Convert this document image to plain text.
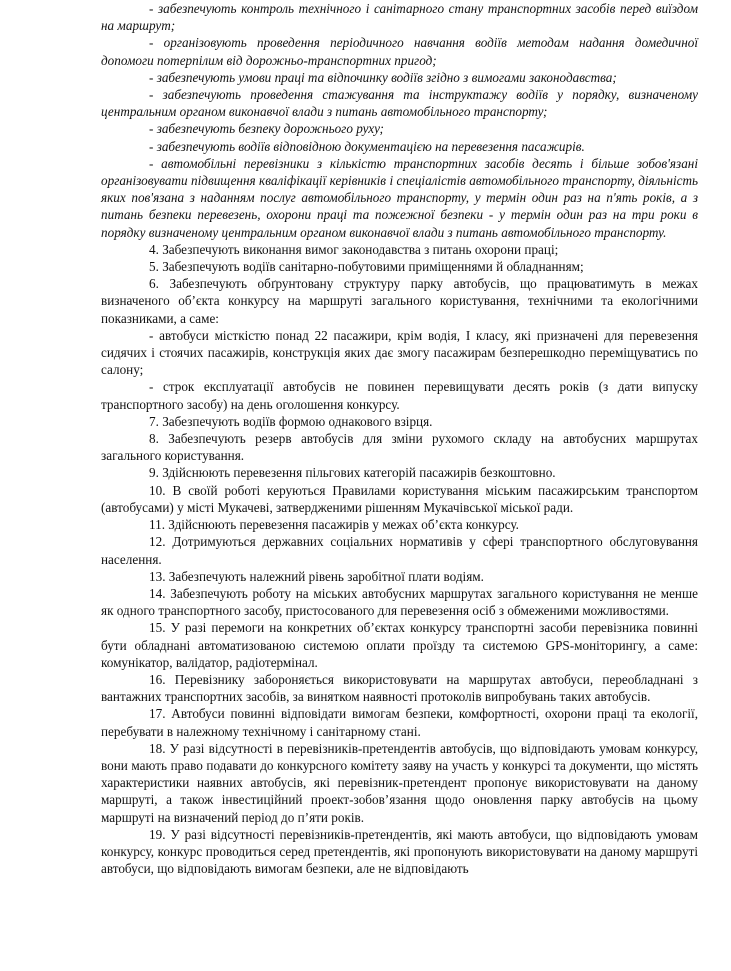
- забезпечують контроль технічного і санітарного стану транспортних засобів перед виїздом на маршрут;

- організовують проведення періодичного навчання водіїв методам надання домедичної допомоги потерпілим від дорожньо-транспортних пригод;

- забезпечують умови праці та відпочинку водіїв згідно з вимогами законодавства;

- забезпечують проведення стажування та інструктажу водіїв у порядку, визначеному центральним органом виконавчої влади з питань автомобільного транспорту;

- забезпечують безпеку дорожнього руху;

- забезпечують водіїв відповідною документацією на перевезення пасажирів.

- автомобільні перевізники з кількістю транспортних засобів десять і більше зобов'язані організовувати підвищення кваліфікації керівників і спеціалістів автомобільного транспорту, діяльність яких пов'язана з наданням послуг автомобільного транспорту, у термін один раз на п'ять років, а з питань безпеки перевезень, охорони праці та пожежної безпеки - у термін один раз на три роки в порядку визначеному центральним органом виконавчої влади з питань автомобільного транспорту.

4. Забезпечують виконання вимог законодавства з питань охорони праці;

5. Забезпечують водіїв санітарно-побутовими приміщеннями й обладнанням;

6. Забезпечують обґрунтовану структуру парку автобусів, що працюватимуть в межах визначеного об’єкта конкурсу на маршруті загального користування, технічними та екологічними показниками, а саме:

- автобуси місткістю понад 22 пасажири, крім водія, I класу, які призначені для перевезення сидячих і стоячих пасажирів, конструкція яких дає змогу пасажирам безперешкодно переміщуватись по салону;

- строк експлуатації автобусів не повинен перевищувати десять років (з дати випуску транспортного засобу) на день оголошення конкурсу.

7. Забезпечують водіїв формою однакового взірця.

8. Забезпечують резерв автобусів для зміни рухомого складу на автобусних маршрутах загального користування.

9. Здійснюють перевезення пільгових категорій пасажирів безкоштовно.

10. В своїй роботі керуються Правилами користування міським пасажирським транспортом (автобусами) у місті Мукачеві, затвердженими рішенням Мукачівської міської ради.

11. Здійснюють перевезення пасажирів у межах об’єкта конкурсу.

12. Дотримуються державних соціальних нормативів у сфері транспортного обслуговування населення.

13. Забезпечують належний рівень заробітної плати водіям.

14. Забезпечують роботу на міських автобусних маршрутах загального користування не менше як одного транспортного засобу, пристосованого для перевезення осіб з обмеженими можливостями.

15. У разі перемоги на конкретних об’єктах конкурсу транспортні засоби перевізника повинні бути обладнані автоматизованою системою оплати проїзду та системою GPS-моніторингу, а саме: комунікатор, валідатор, радіотермінал.

16. Перевізнику забороняється використовувати на маршрутах автобуси, переобладнані з вантажних транспортних засобів, за винятком наявності протоколів випробувань таких автобусів.

17. Автобуси повинні відповідати вимогам безпеки, комфортності, охорони праці та екології, перебувати в належному технічному і санітарному стані.

18. У разі відсутності в перевізників-претендентів автобусів, що відповідають умовам конкурсу, вони мають право подавати до конкурсного комітету заяву на участь у конкурсі та документи, що містять характеристики наявних автобусів, які перевізник-претендент пропонує використовувати на даному маршруті, а також інвестиційний проект-зобов’язання щодо оновлення парку автобусів на цьому маршруті на визначений період до п’яти років.

19. У разі відсутності перевізників-претендентів, які мають автобуси, що відповідають умовам конкурсу, конкурс проводиться серед претендентів, які пропонують використовувати на даному маршруті автобуси, що відповідають вимогам безпеки, але не відповідають
